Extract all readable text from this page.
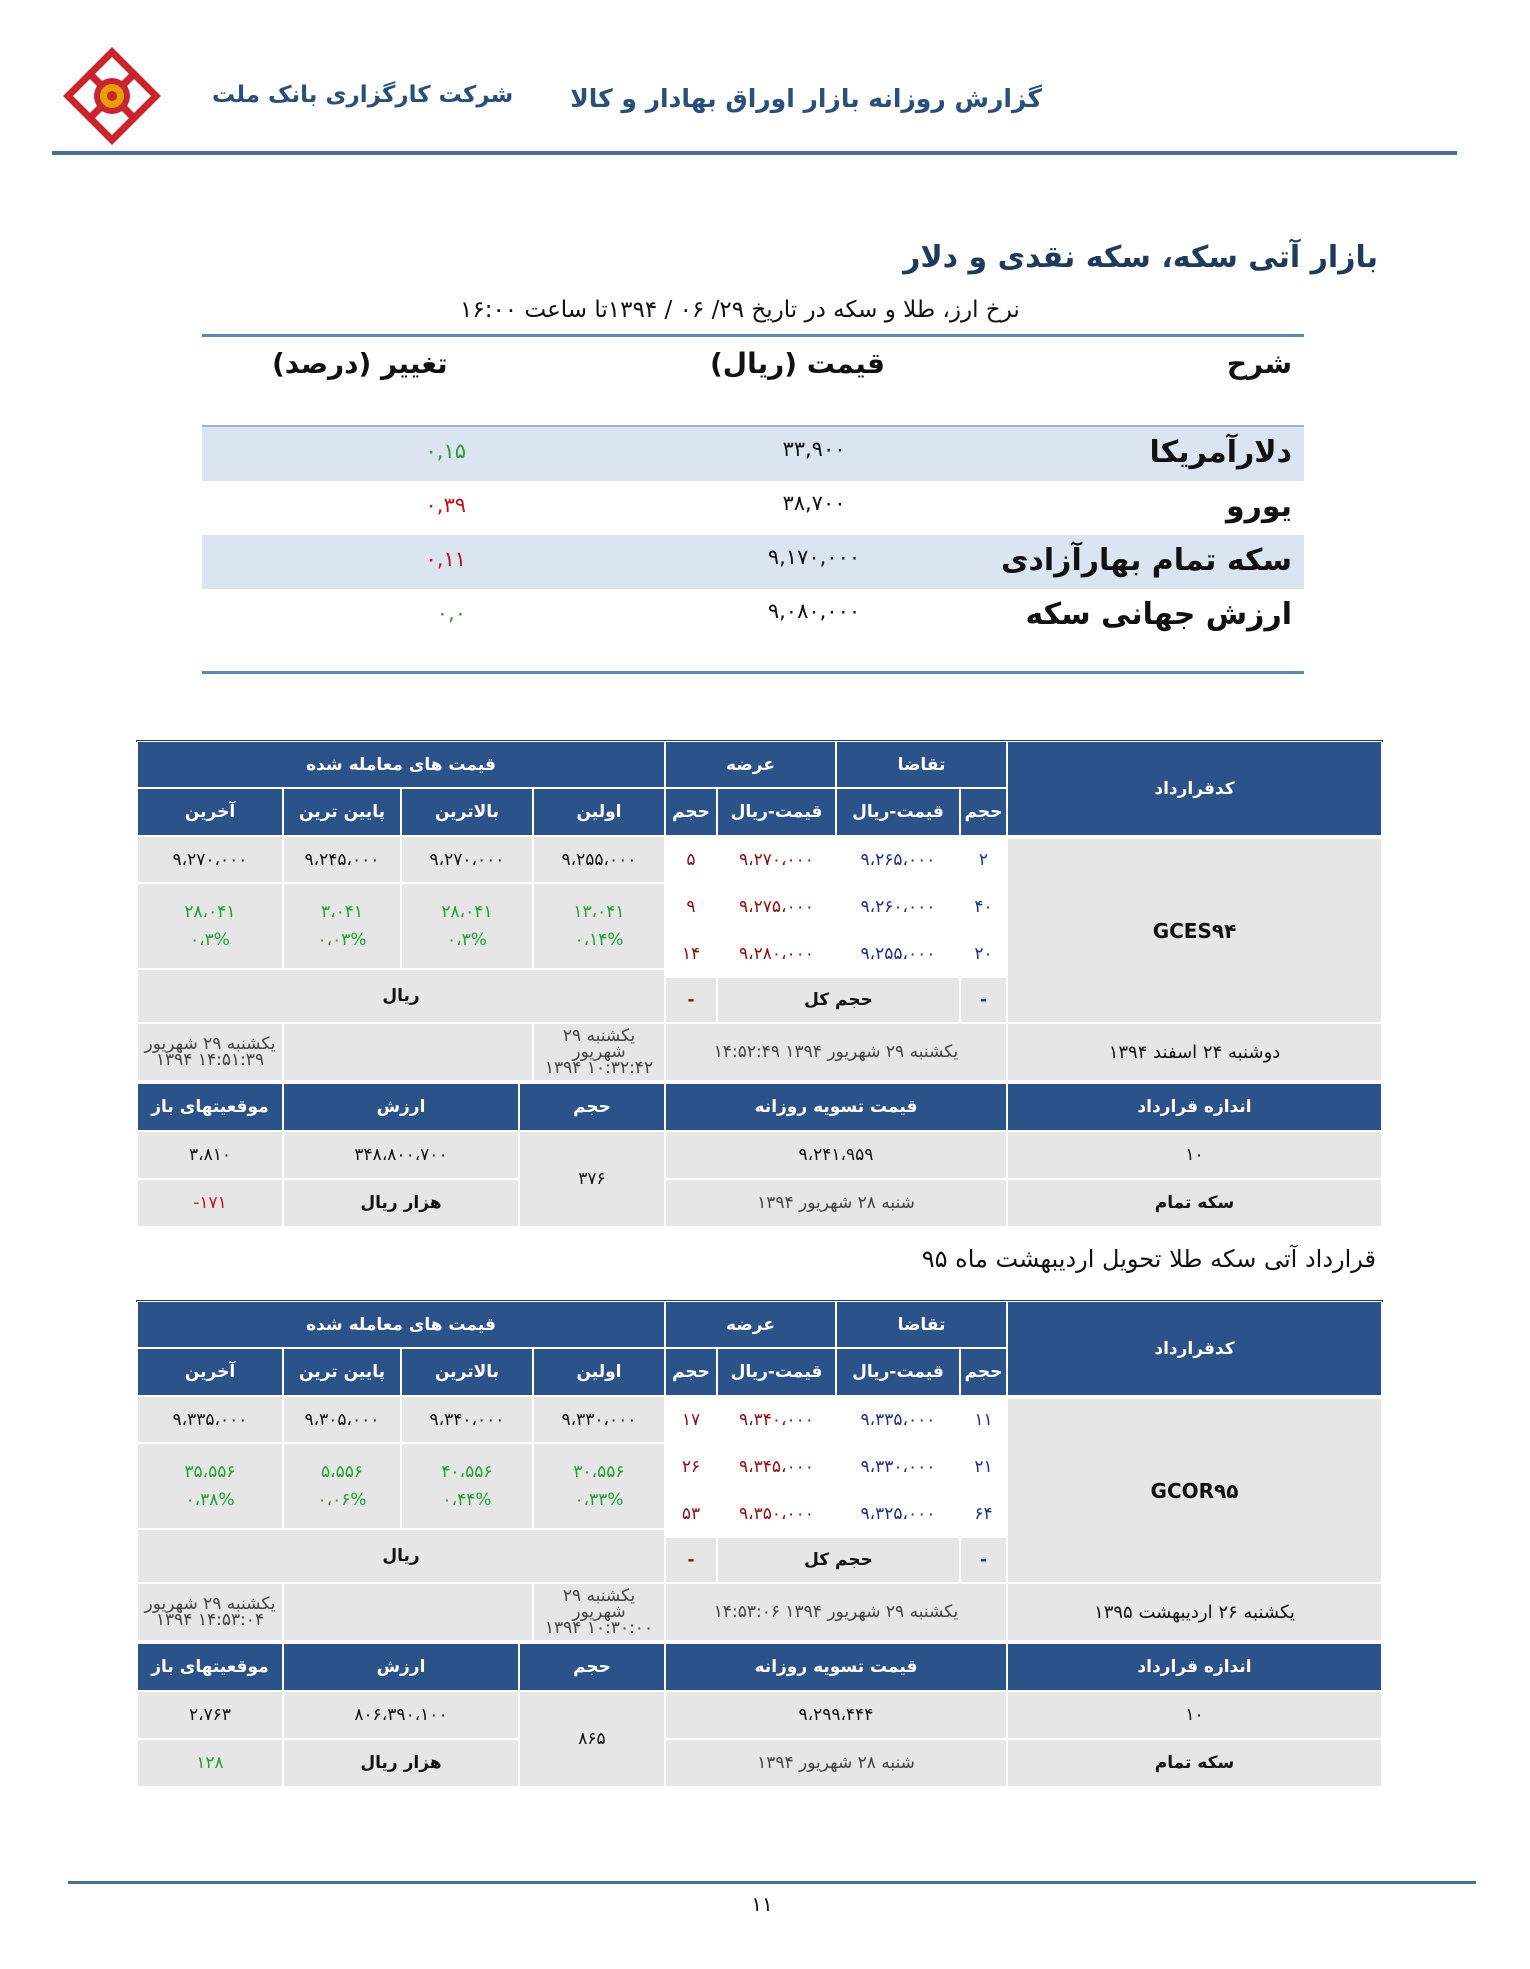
شرکت کارگزاری بانک ملت گزارش روزانه بازار اوراق بهادار و کالا
بازار آتی سکه، سکه نقدی و دلار
نرخ ارز، طلا و سکه در تاریخ ۲۹/ ۰۶ / ۱۳۹۴تا ساعت ۱۶:۰۰
شرح
قیمت (ریال)
تغییر (درصد)
دلارآمریکا
۳۳,۹۰۰
۰,۱۵
یورو
۳۸,۷۰۰
۰,۳۹
سکه تمام بهارآزادی
۹,۱۷۰,۰۰۰
۰,۱۱
ارزش جهانی سکه
۹,۰۸۰,۰۰۰
۰,۰
کدقرارداد
تقاضا
عرضه
قیمت های معامله شده
حجم
قیمت-ریال
قیمت-ریال
حجم
اولین
بالاترین
پایین ترین
آخرین
GCES۹۴
۲
۹،۲۶۵،۰۰۰
۹،۲۷۰،۰۰۰
۵
۴۰
۹،۲۶۰،۰۰۰
۹،۲۷۵،۰۰۰
۹
۲۰
۹،۲۵۵،۰۰۰
۹،۲۸۰،۰۰۰
۱۴
-
حجم کل
-
۹،۲۵۵،۰۰۰
۹،۲۷۰،۰۰۰
۹،۲۴۵،۰۰۰
۹،۲۷۰،۰۰۰
۱۳،۰۴۱
۰،۱۴%
۲۸،۰۴۱
۰،۳%
۳،۰۴۱
۰،۰۳%
۲۸،۰۴۱
۰،۳%
ریال
دوشنبه ۲۴ اسفند ۱۳۹۴
یکشنبه ۲۹ شهریور ۱۳۹۴ ۱۴:۵۲:۴۹
یکشنبه ۲۹ شهریور
۱۳۹۴ ۱۰:۳۲:۴۲
یکشنبه ۲۹ شهریور
۱۳۹۴ ۱۴:۵۱:۳۹
اندازه قرارداد
قیمت تسویه روزانه
حجم
ارزش
موقعیتهای باز
۱۰
سکه تمام
۹،۲۴۱،۹۵۹
شنبه ۲۸ شهریور ۱۳۹۴
۳۷۶
۳۴۸،۸۰۰،۷۰۰
هزار ریال
۳،۸۱۰
-۱۷۱
قرارداد آتی سکه طلا تحویل اردیبهشت ماه ۹۵
کدقرارداد
تقاضا
عرضه
قیمت های معامله شده
حجم
قیمت-ریال
قیمت-ریال
حجم
اولین
بالاترین
پایین ترین
آخرین
GCOR۹۵
۱۱
۹،۳۳۵،۰۰۰
۹،۳۴۰،۰۰۰
۱۷
۲۱
۹،۳۳۰،۰۰۰
۹،۳۴۵،۰۰۰
۲۶
۶۴
۹،۳۲۵،۰۰۰
۹،۳۵۰،۰۰۰
۵۳
-
حجم کل
-
۹،۳۳۰،۰۰۰
۹،۳۴۰،۰۰۰
۹،۳۰۵،۰۰۰
۹،۳۳۵،۰۰۰
۳۰،۵۵۶
۰،۳۳%
۴۰،۵۵۶
۰،۴۴%
۵،۵۵۶
۰،۰۶%
۳۵،۵۵۶
۰،۳۸%
ریال
یکشنبه ۲۶ اردیبهشت ۱۳۹۵
یکشنبه ۲۹ شهریور ۱۳۹۴ ۱۴:۵۳:۰۶
یکشنبه ۲۹ شهریور
۱۳۹۴ ۱۰:۳۰:۰۰
یکشنبه ۲۹ شهریور
۱۳۹۴ ۱۴:۵۳:۰۴
اندازه قرارداد
قیمت تسویه روزانه
حجم
ارزش
موقعیتهای باز
۱۰
سکه تمام
۹،۲۹۹،۴۴۴
شنبه ۲۸ شهریور ۱۳۹۴
۸۶۵
۸۰۶،۳۹۰،۱۰۰
هزار ریال
۲،۷۶۳
۱۲۸
۱۱
